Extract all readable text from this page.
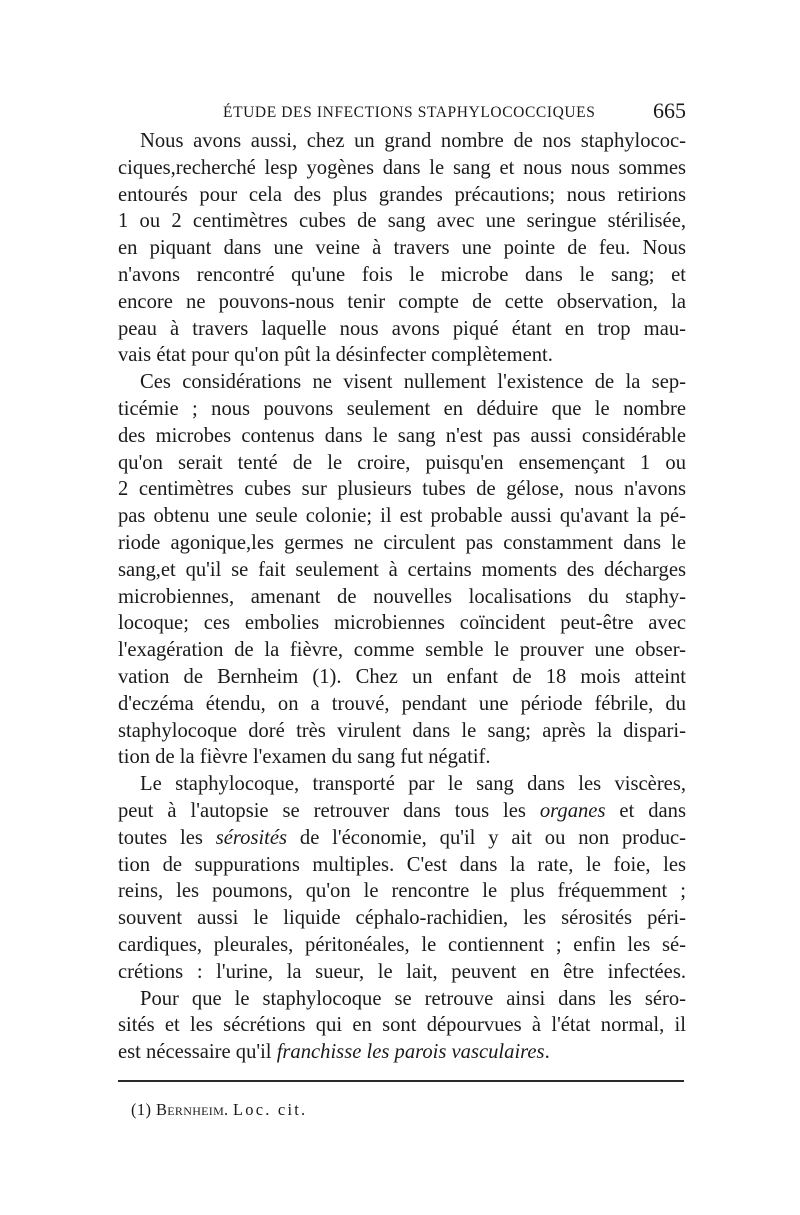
ÉTUDE DES INFECTIONS STAPHYLOCOCCIQUES	665

Nous avons aussi, chez un grand nombre de nos staphylococ-
ciques,recherché lesp yogènes dans le sang et nous nous sommes
entourés pour cela des plus grandes précautions; nous retirions
1 ou 2 centimètres cubes de sang avec une seringue stérilisée,
en piquant dans une veine à travers une pointe de feu. Nous
n'avons rencontré qu'une fois le microbe dans le sang; et
encore ne pouvons-nous tenir compte de cette observation, la
peau à travers laquelle nous avons piqué étant en trop mau-
vais état pour qu'on pût la désinfecter complètement.

Ces considérations ne visent nullement l'existence de la sep-
ticémie ; nous pouvons seulement en déduire que le nombre
des microbes contenus dans le sang n'est pas aussi considérable
qu'on serait tenté de le croire, puisqu'en ensemençant 1 ou
2 centimètres cubes sur plusieurs tubes de gélose, nous n'avons
pas obtenu une seule colonie; il est probable aussi qu'avant la pé-
riode agonique,les germes ne circulent pas constamment dans le
sang,et qu'il se fait seulement à certains moments des décharges
microbiennes, amenant de nouvelles localisations du staphy-
locoque; ces embolies microbiennes coïncident peut-être avec
l'exagération de la fièvre, comme semble le prouver une obser-
vation de Bernheim (1). Chez un enfant de 18 mois atteint
d'eczéma étendu, on a trouvé, pendant une période fébrile, du
staphylocoque doré très virulent dans le sang; après la dispari-
tion de la fièvre l'examen du sang fut négatif.

Le staphylocoque, transporté par le sang dans les viscères,
peut à l'autopsie se retrouver dans tous les organes et dans
toutes les sérosités de l'économie, qu'il y ait ou non produc-
tion de suppurations multiples. C'est dans la rate, le foie, les
reins, les poumons, qu'on le rencontre le plus fréquemment ;
souvent aussi le liquide céphalo-rachidien, les sérosités péri-
cardiques, pleurales, péritonéales, le contiennent ; enfin les sé-
crétions : l'urine, la sueur, le lait, peuvent en être infectées.

Pour que le staphylocoque se retrouve ainsi dans les séro-
sités et les sécrétions qui en sont dépourvues à l'état normal, il
est nécessaire qu'il franchisse les parois vasculaires.

(1) Bernheim. Loc. cit.
